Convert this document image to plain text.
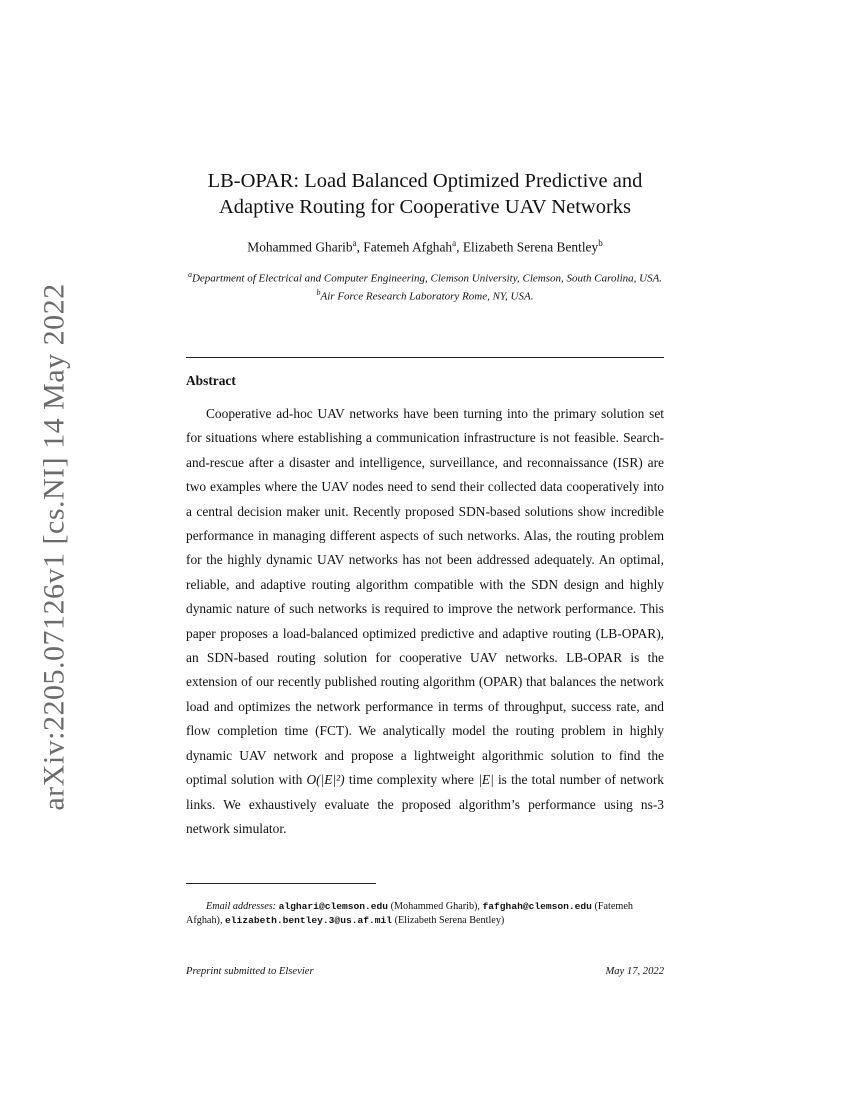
arXiv:2205.07126v1 [cs.NI] 14 May 2022
LB-OPAR: Load Balanced Optimized Predictive and
Adaptive Routing for Cooperative UAV Networks
Mohammed Gharib$^a$, Fatemeh Afghah$^a$, Elizabeth Serena Bentley$^b$
$^a$Department of Electrical and Computer Engineering, Clemson University, Clemson, South Carolina, USA.
$^b$Air Force Research Laboratory Rome, NY, USA.
Abstract
Cooperative ad-hoc UAV networks have been turning into the primary solution set for situations where establishing a communication infrastructure is not feasible. Search-and-rescue after a disaster and intelligence, surveillance, and reconnaissance (ISR) are two examples where the UAV nodes need to send their collected data cooperatively into a central decision maker unit. Recently proposed SDN-based solutions show incredible performance in managing different aspects of such networks. Alas, the routing problem for the highly dynamic UAV networks has not been addressed adequately. An optimal, reliable, and adaptive routing algorithm compatible with the SDN design and highly dynamic nature of such networks is required to improve the network performance. This paper proposes a load-balanced optimized predictive and adaptive routing (LB-OPAR), an SDN-based routing solution for cooperative UAV networks. LB-OPAR is the extension of our recently published routing algorithm (OPAR) that balances the network load and optimizes the network performance in terms of throughput, success rate, and flow completion time (FCT). We analytically model the routing problem in highly dynamic UAV network and propose a lightweight algorithmic solution to find the optimal solution with O(|E|²) time complexity where |E| is the total number of network links. We exhaustively evaluate the proposed algorithm’s performance using ns-3 network simulator.
Email addresses: alghari@clemson.edu (Mohammed Gharib), fafghah@clemson.edu (Fatemeh Afghah), elizabeth.bentley.3@us.af.mil (Elizabeth Serena Bentley)
Preprint submitted to Elsevier	May 17, 2022
